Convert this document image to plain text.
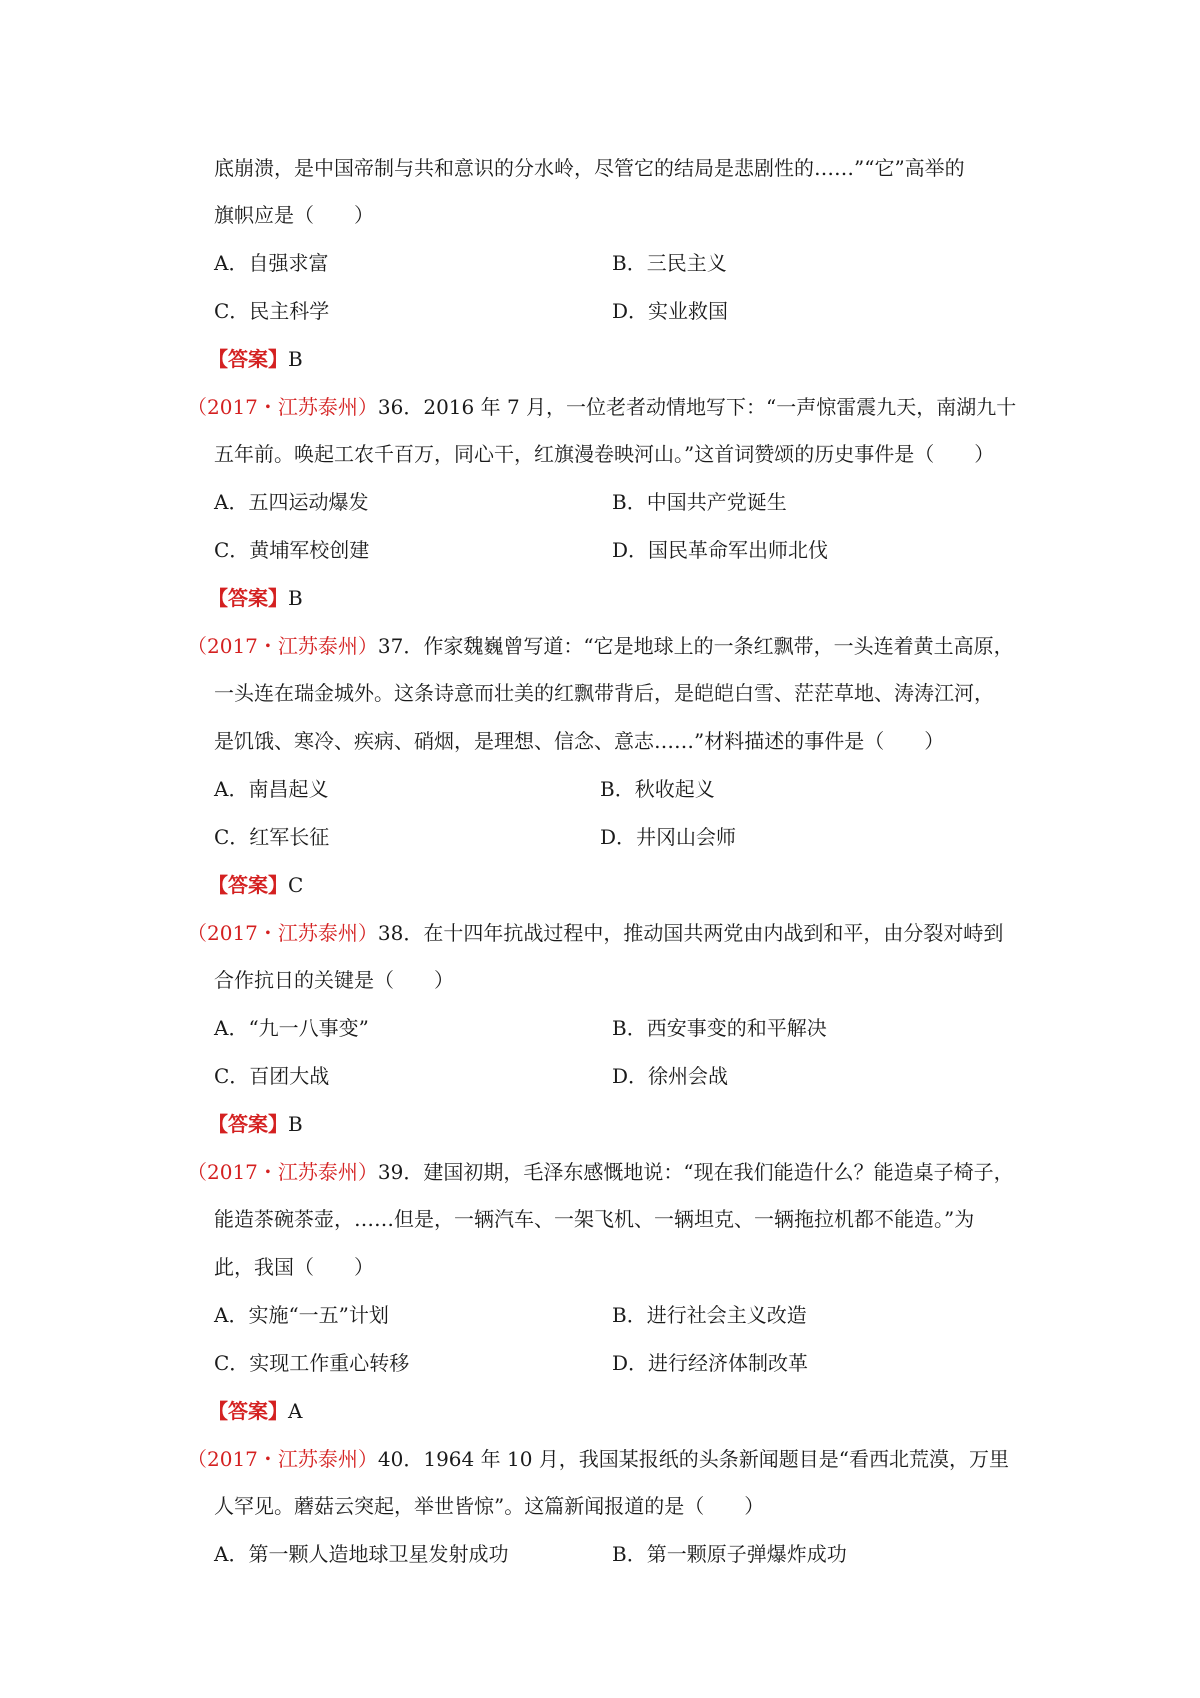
底崩溃，是中国帝制与共和意识的分水岭，尽管它的结局是悲剧性的……”“它”高举的
旗帜应是（　　）
A．自强求富	B．三民主义
C．民主科学	D．实业救国
【答案】B
（2017・江苏泰州）36．2016 年 7 月，一位老者动情地写下：“一声惊雷震九天，南湖九十
五年前。唤起工农千百万，同心干，红旗漫卷映河山。”这首词赞颂的历史事件是（　　）
A．五四运动爆发	B．中国共产党诞生
C．黄埔军校创建	D．国民革命军出师北伐
【答案】B
（2017・江苏泰州）37．作家魏巍曾写道：“它是地球上的一条红飘带，一头连着黄土高原，
一头连在瑞金城外。这条诗意而壮美的红飘带背后，是皑皑白雪、茫茫草地、涛涛江河，
是饥饿、寒冷、疾病、硝烟，是理想、信念、意志……”材料描述的事件是（　　）
A．南昌起义	B．秋收起义
C．红军长征	D．井冈山会师
【答案】C
（2017・江苏泰州）38．在十四年抗战过程中，推动国共两党由内战到和平，由分裂对峙到
合作抗日的关键是（　　）
A．“九一八事变”	B．西安事变的和平解决
C．百团大战	D．徐州会战
【答案】B
（2017・江苏泰州）39．建国初期，毛泽东感慨地说：“现在我们能造什么？能造桌子椅子，
能造茶碗茶壶，……但是，一辆汽车、一架飞机、一辆坦克、一辆拖拉机都不能造。”为
此，我国（　　）
A．实施“一五”计划	B．进行社会主义改造
C．实现工作重心转移	D．进行经济体制改革
【答案】A
（2017・江苏泰州）40．1964 年 10 月，我国某报纸的头条新闻题目是“看西北荒漠，万里
人罕见。蘑菇云突起，举世皆惊”。这篇新闻报道的是（　　）
A．第一颗人造地球卫星发射成功	B．第一颗原子弹爆炸成功
